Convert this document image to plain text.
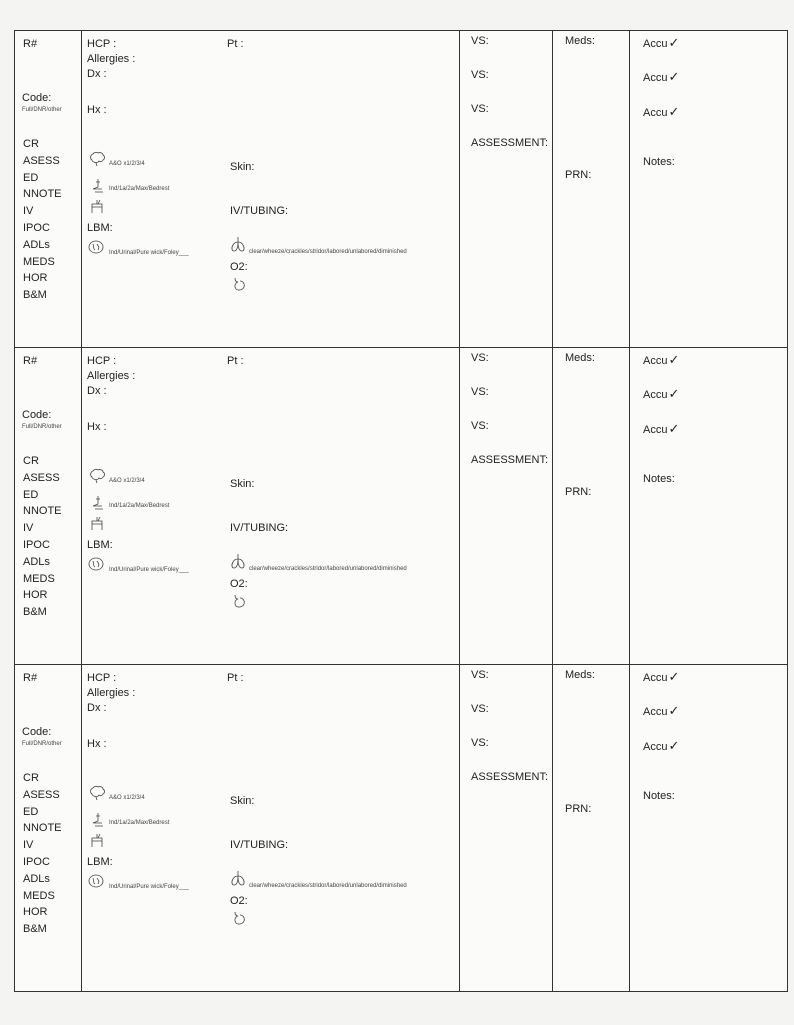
R#
Code:
Full/DNR/other
CR
ASESS
ED
NNOTE
IV
IPOC
ADLs
MEDS
HOR
B&M
HCP :
Allergies :
Dx :
Hx :
A&O x1/2/3/4
Ind/1a/2a/Max/Bedrest
LBM:
Ind/Urinal/Pure wick/Foley___
Pt :
Skin:
IV/TUBING:
clear/wheeze/crackles/stridor/labored/unlabored/diminished
O2:
VS:
VS:
VS:
ASSESSMENT:
Meds:
PRN:
Accu✓
Accu✓
Accu✓
Notes:
R#
Code:
Full/DNR/other
CR
ASESS
ED
NNOTE
IV
IPOC
ADLs
MEDS
HOR
B&M
HCP :
Allergies :
Dx :
Hx :
A&O x1/2/3/4
Ind/1a/2a/Max/Bedrest
LBM:
Ind/Urinal/Pure wick/Foley___
Pt :
Skin:
IV/TUBING:
clear/wheeze/crackles/stridor/labored/unlabored/diminished
O2:
VS:
VS:
VS:
ASSESSMENT:
Meds:
PRN:
Accu✓
Accu✓
Accu✓
Notes:
R#
Code:
Full/DNR/other
CR
ASESS
ED
NNOTE
IV
IPOC
ADLs
MEDS
HOR
B&M
HCP :
Allergies :
Dx :
Hx :
A&O x1/2/3/4
Ind/1a/2a/Max/Bedrest
LBM:
Ind/Urinal/Pure wick/Foley___
Pt :
Skin:
IV/TUBING:
clear/wheeze/crackles/stridor/labored/unlabored/diminished
O2:
VS:
VS:
VS:
ASSESSMENT:
Meds:
PRN:
Accu✓
Accu✓
Accu✓
Notes:
